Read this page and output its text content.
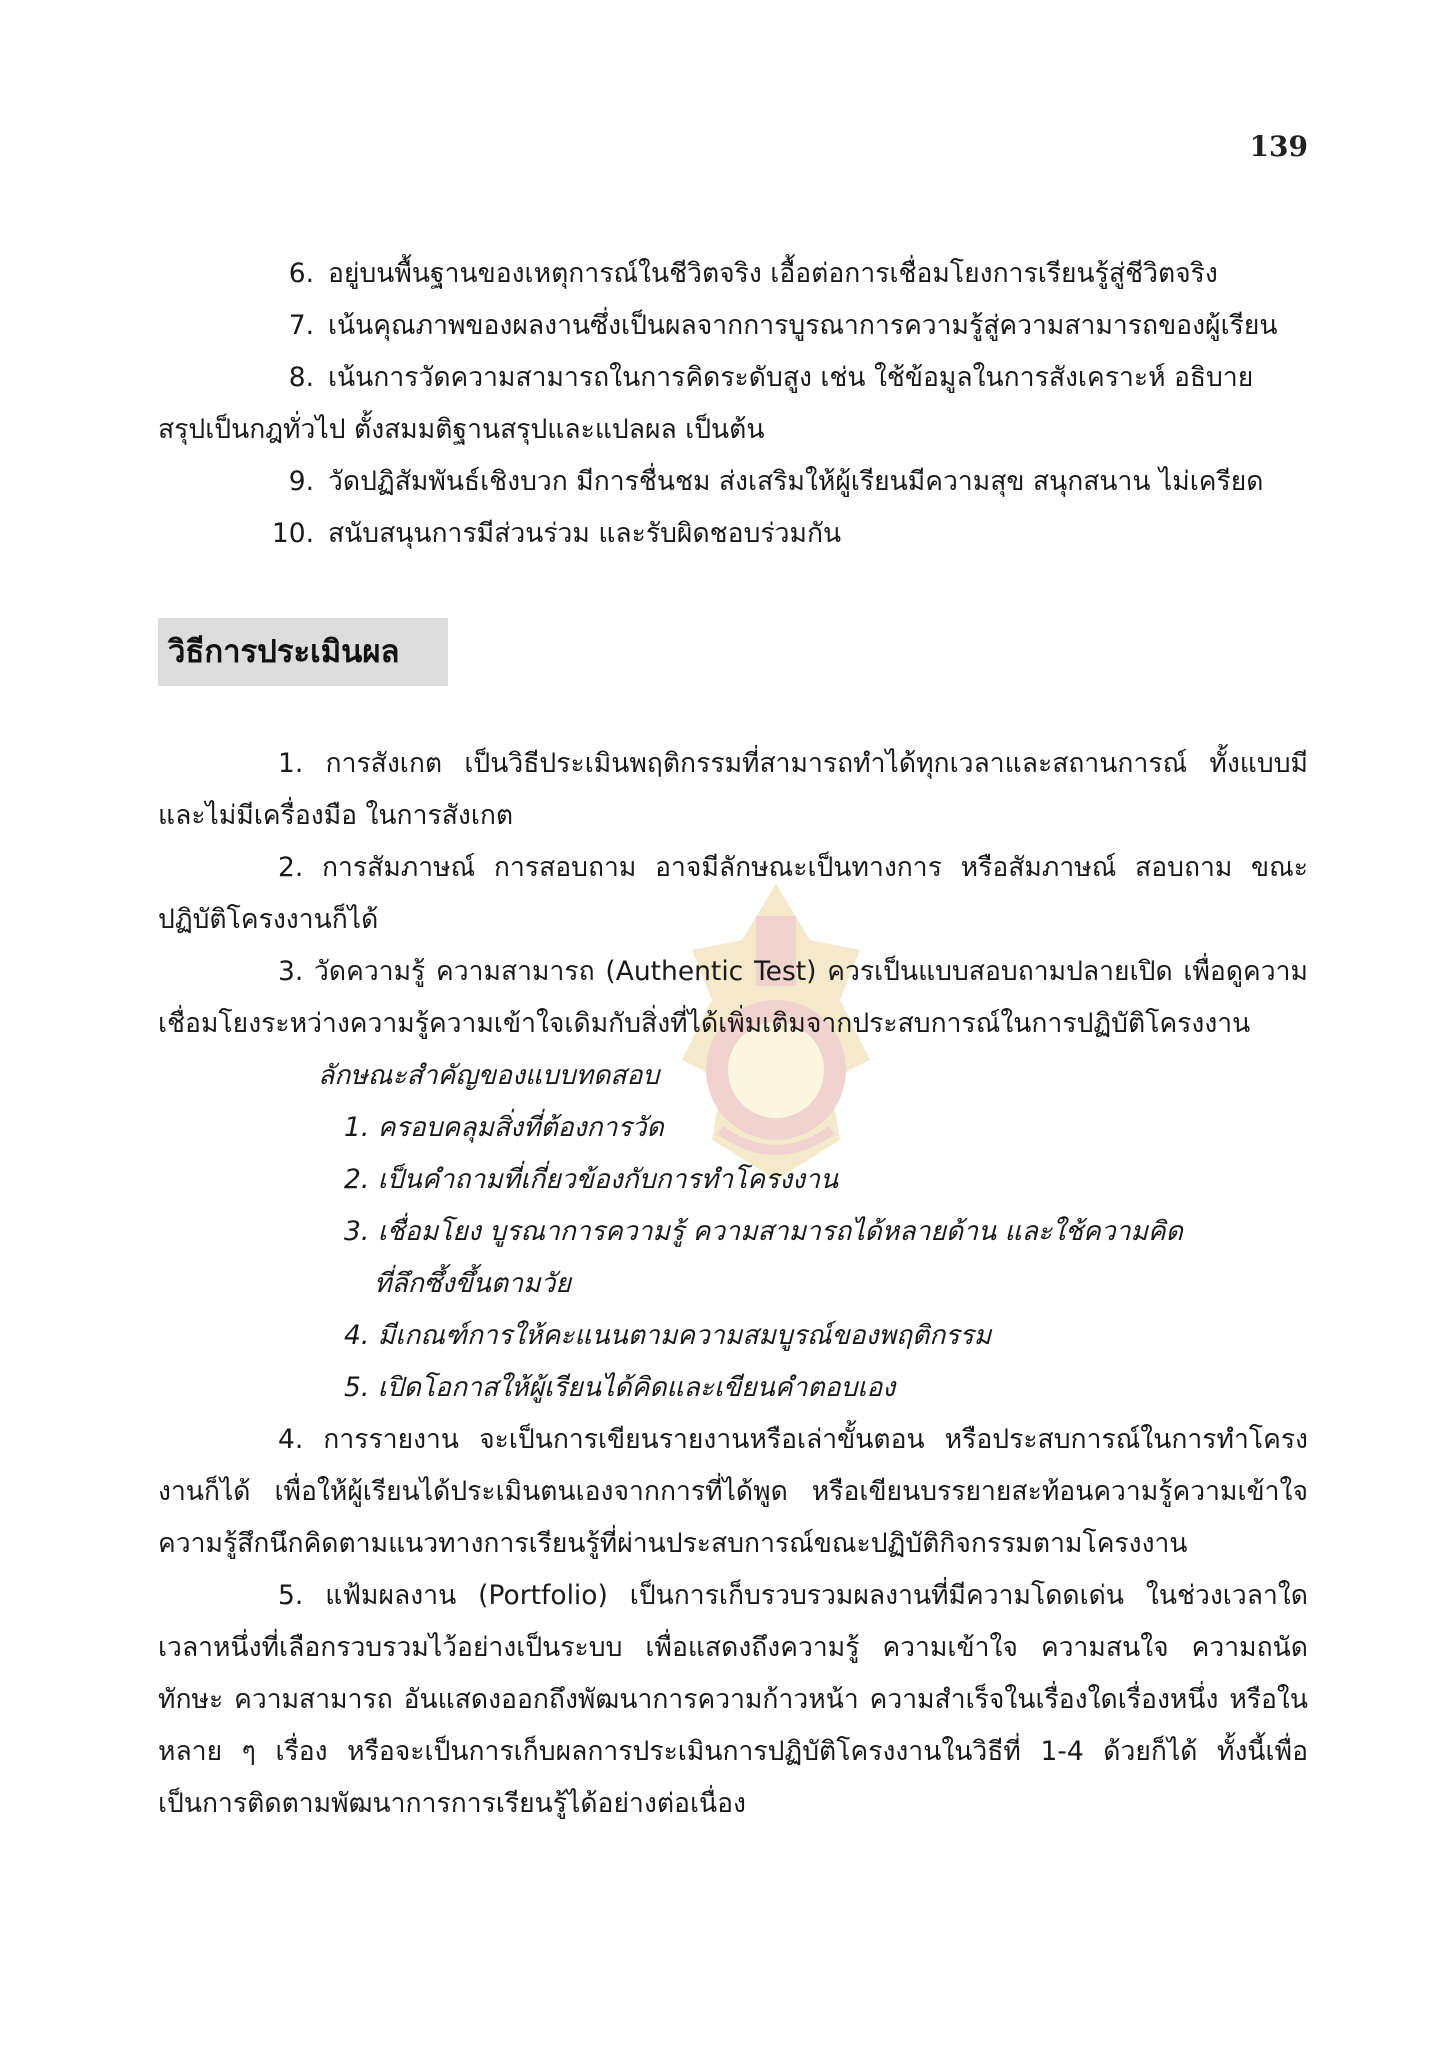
139

6. อยู่บนพื้นฐานของเหตุการณ์ในชีวิตจริง เอื้อต่อการเชื่อมโยงการเรียนรู้สู่ชีวิตจริง

7. เน้นคุณภาพของผลงานซึ่งเป็นผลจากการบูรณาการความรู้สู่ความสามารถของผู้เรียน

8. เน้นการวัดความสามารถในการคิดระดับสูง เช่น ใช้ข้อมูลในการสังเคราะห์ อธิบาย

สรุปเป็นกฎทั่วไป ตั้งสมมติฐานสรุปและแปลผล เป็นต้น

9. วัดปฏิสัมพันธ์เชิงบวก มีการชื่นชม ส่งเสริมให้ผู้เรียนมีความสุข สนุกสนาน ไม่เครียด

10. สนับสนุนการมีส่วนร่วม และรับผิดชอบร่วมกัน

วิธีการประเมินผล

1. การสังเกต เป็นวิธีประเมินพฤติกรรมที่สามารถทำได้ทุกเวลาและสถานการณ์ ทั้งแบบมีและไม่มีเครื่องมือ ในการสังเกต

2. การสัมภาษณ์ การสอบถาม อาจมีลักษณะเป็นทางการ หรือสัมภาษณ์ สอบถาม ขณะปฏิบัติโครงงานก็ได้

3. วัดความรู้ ความสามารถ (Authentic Test) ควรเป็นแบบสอบถามปลายเปิด เพื่อดูความเชื่อมโยงระหว่างความรู้ความเข้าใจเดิมกับสิ่งที่ได้เพิ่มเติมจากประสบการณ์ในการปฏิบัติโครงงาน

ลักษณะสำคัญของแบบทดสอบ

1. ครอบคลุมสิ่งที่ต้องการวัด

2. เป็นคำถามที่เกี่ยวข้องกับการทำโครงงาน

3. เชื่อมโยง บูรณาการความรู้ ความสามารถได้หลายด้าน และใช้ความคิด
ที่ลึกซึ้งขึ้นตามวัย

4. มีเกณฑ์การให้คะแนนตามความสมบูรณ์ของพฤติกรรม

5. เปิดโอกาสให้ผู้เรียนได้คิดและเขียนคำตอบเอง

4. การรายงาน จะเป็นการเขียนรายงานหรือเล่าขั้นตอน หรือประสบการณ์ในการทำโครงงานก็ได้ เพื่อให้ผู้เรียนได้ประเมินตนเองจากการที่ได้พูด หรือเขียนบรรยายสะท้อนความรู้ความเข้าใจ ความรู้สึกนึกคิดตามแนวทางการเรียนรู้ที่ผ่านประสบการณ์ขณะปฏิบัติกิจกรรมตามโครงงาน

5. แฟ้มผลงาน (Portfolio) เป็นการเก็บรวบรวมผลงานที่มีความโดดเด่น ในช่วงเวลาใดเวลาหนึ่งที่เลือกรวบรวมไว้อย่างเป็นระบบ เพื่อแสดงถึงความรู้ ความเข้าใจ ความสนใจ ความถนัด ทักษะ ความสามารถ อันแสดงออกถึงพัฒนาการความก้าวหน้า ความสำเร็จในเรื่องใดเรื่องหนึ่ง หรือในหลาย ๆ เรื่อง หรือจะเป็นการเก็บผลการประเมินการปฏิบัติโครงงานในวิธีที่ 1-4 ด้วยก็ได้ ทั้งนี้เพื่อเป็นการติดตามพัฒนาการการเรียนรู้ได้อย่างต่อเนื่อง
